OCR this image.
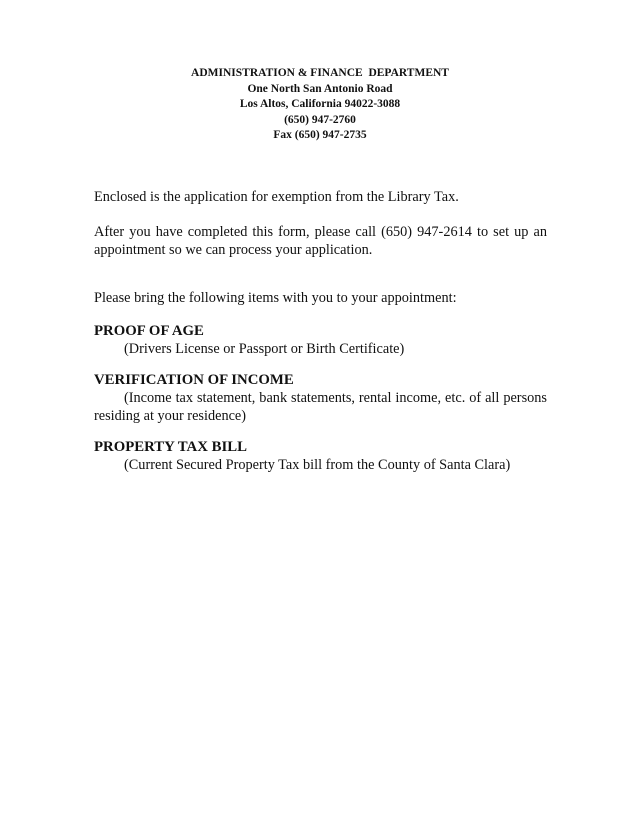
ADMINISTRATION & FINANCE  DEPARTMENT
One North San Antonio Road
Los Altos, California 94022-3088
(650) 947-2760
Fax (650) 947-2735

Enclosed is the application for exemption from the Library Tax.

After you have completed this form, please call (650) 947-2614 to set up an

appointment so we can process your application.

Please bring the following items with you to your appointment:

PROOF OF AGE

(Drivers License or Passport or Birth Certificate)

VERIFICATION OF INCOME

(Income tax statement, bank statements, rental income, etc. of all persons residing at your residence)

PROPERTY TAX BILL

(Current Secured Property Tax bill from the County of Santa Clara)
